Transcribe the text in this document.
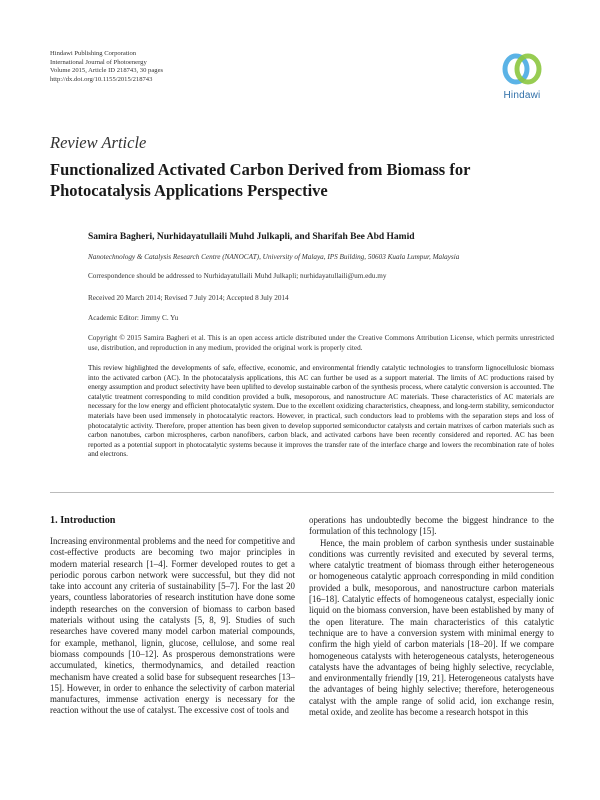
Hindawi Publishing Corporation
International Journal of Photoenergy
Volume 2015, Article ID 218743, 30 pages
http://dx.doi.org/10.1155/2015/218743
Hindawi
Review Article
Functionalized Activated Carbon Derived from Biomass for Photocatalysis Applications Perspective
Samira Bagheri, Nurhidayatullaili Muhd Julkapli, and Sharifah Bee Abd Hamid
Nanotechnology & Catalysis Research Centre (NANOCAT), University of Malaya, IPS Building, 50603 Kuala Lumpur, Malaysia
Correspondence should be addressed to Nurhidayatullaili Muhd Julkapli; nurhidayatullaili@um.edu.my
Received 20 March 2014; Revised 7 July 2014; Accepted 8 July 2014
Academic Editor: Jimmy C. Yu
Copyright © 2015 Samira Bagheri et al. This is an open access article distributed under the Creative Commons Attribution License, which permits unrestricted use, distribution, and reproduction in any medium, provided the original work is properly cited.
This review highlighted the developments of safe, effective, economic, and environmental friendly catalytic technologies to transform lignocellulosic biomass into the activated carbon (AC). In the photocatalysis applications, this AC can further be used as a support material. The limits of AC productions raised by energy assumption and product selectivity have been uplifted to develop sustainable carbon of the synthesis process, where catalytic conversion is accounted. The catalytic treatment corresponding to mild condition provided a bulk, mesoporous, and nanostructure AC materials. These characteristics of AC materials are necessary for the low energy and efficient photocatalytic system. Due to the excellent oxidizing characteristics, cheapness, and long-term stability, semiconductor materials have been used immensely in photocatalytic reactors. However, in practical, such conductors lead to problems with the separation steps and loss of photocatalytic activity. Therefore, proper attention has been given to develop supported semiconductor catalysts and certain matrixes of carbon materials such as carbon nanotubes, carbon microspheres, carbon nanofibers, carbon black, and activated carbons have been recently considered and reported. AC has been reported as a potential support in photocatalytic systems because it improves the transfer rate of the interface charge and lowers the recombination rate of holes and electrons.
1. Introduction

Increasing environmental problems and the need for competitive and cost-effective products are becoming two major principles in modern material research [1–4]. Former developed routes to get a periodic porous carbon network were successful, but they did not take into account any criteria of sustainability [5–7]. For the last 20 years, countless laboratories of research institution have done some indepth researches on the conversion of biomass to carbon based materials without using the catalysts [5, 8, 9]. Studies of such researches have covered many model carbon material compounds, for example, methanol, lignin, glucose, cellulose, and some real biomass compounds [10–12]. As prosperous demonstrations were accumulated, kinetics, thermodynamics, and detailed reaction mechanism have created a solid base for subsequent researches [13–15]. However, in order to enhance the selectivity of carbon material manufactures, immense activation energy is necessary for the reaction without the use of catalyst. The excessive cost of tools and

operations has undoubtedly become the biggest hindrance to the formulation of this technology [15].

Hence, the main problem of carbon synthesis under sustainable conditions was currently revisited and executed by several terms, where catalytic treatment of biomass through either heterogeneous or homogeneous catalytic approach corresponding in mild condition provided a bulk, mesoporous, and nanostructure carbon materials [16–18]. Catalytic effects of homogeneous catalyst, especially ionic liquid on the biomass conversion, have been established by many of the open literature. The main characteristics of this catalytic technique are to have a conversion system with minimal energy to confirm the high yield of carbon materials [18–20]. If we compare homogeneous catalysts with heterogeneous catalysts, heterogeneous catalysts have the advantages of being highly selective, recyclable, and environmentally friendly [19, 21]. Heterogeneous catalysts have the advantages of being highly selective; therefore, heterogeneous catalyst with the ample range of solid acid, ion exchange resin, metal oxide, and zeolite has become a research hotspot in this
